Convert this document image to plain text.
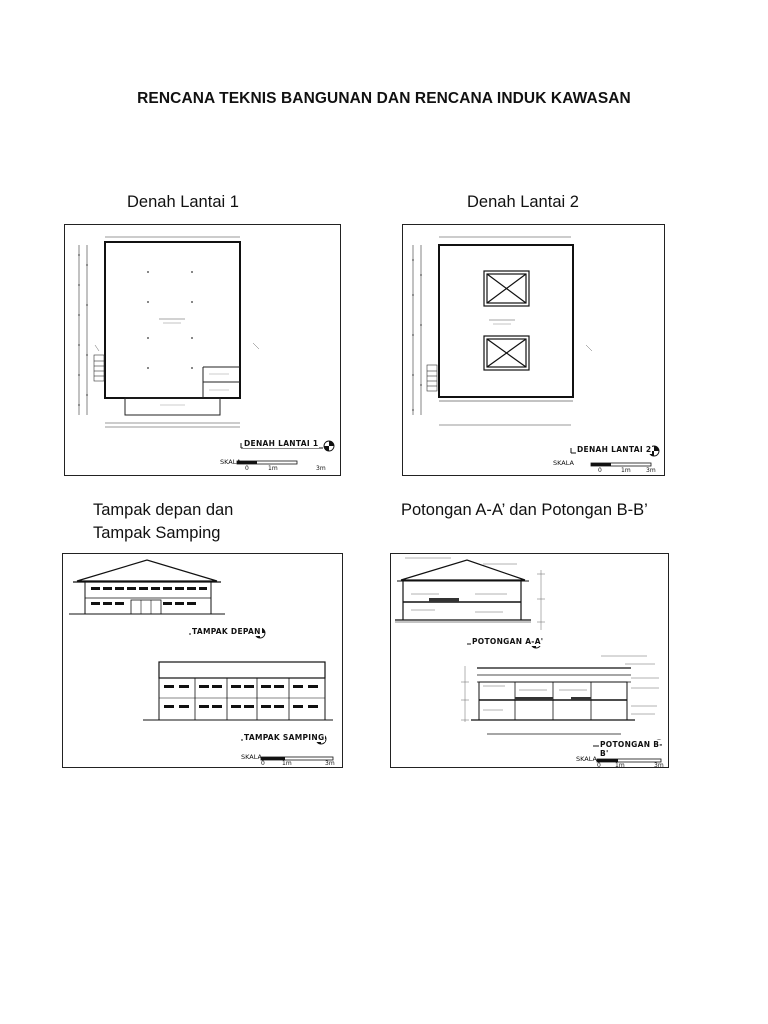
RENCANA TEKNIS BANGUNAN DAN RENCANA INDUK KAWASAN
Denah Lantai 1	Denah Lantai 2
Tampak depan dan
Tampak Samping
Potongan A-A’ dan Potongan B-B’
DENAH LANTAI 1
SKALA
0	1m	3m
DENAH LANTAI 2
SKALA
0	1m	3m
TAMPAK DEPAN
TAMPAK SAMPING
SKALA
0	1m	3m
POTONGAN A-A'
POTONGAN B-B'
SKALA
0 1m	3m
